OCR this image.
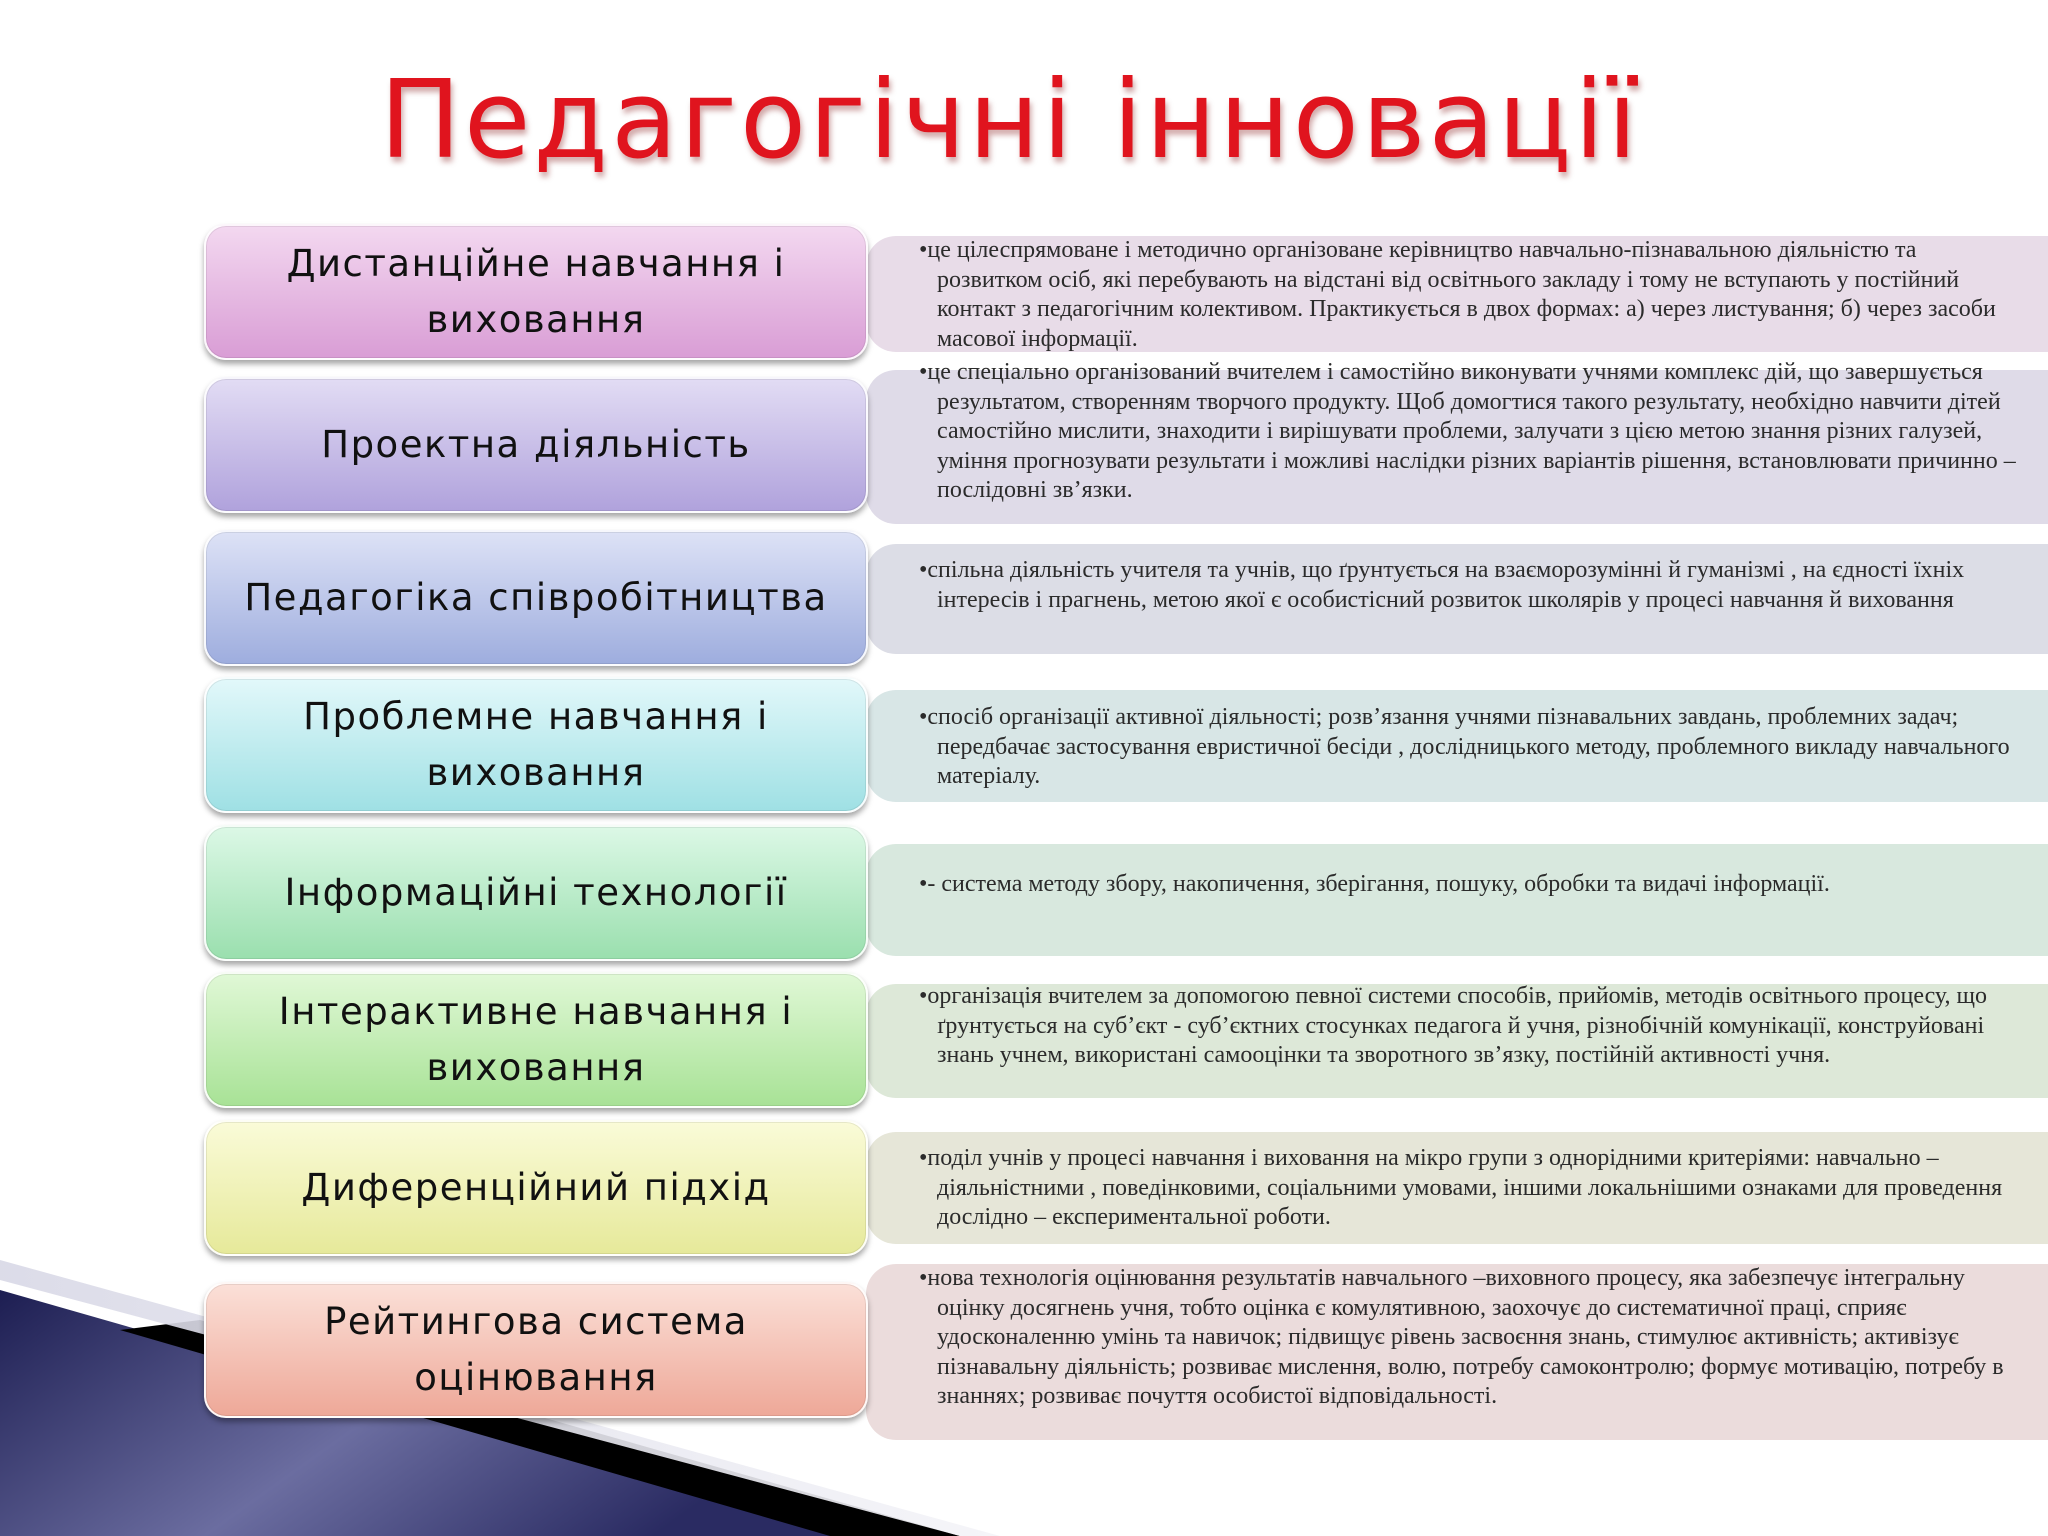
Педагогічні інновації

•це цілеспрямоване і методично організоване керівництво навчально-пізнавальною діяльністю та розвитком осіб, які перебувають на відстані від освітнього закладу і тому не вступають у постійний контакт з педагогічним колективом. Практикується в двох формах: а) через листування; б) через засоби масової інформації.

Дистанційне навчання і виховання

•це спеціально організований вчителем і самостійно виконувати учнями комплекс дій, що завершується результатом, створенням творчого продукту. Щоб домогтися такого результату, необхідно навчити дітей самостійно мислити, знаходити і вирішувати проблеми, залучати з цією метою знання різних галузей, уміння прогнозувати результати і можливі наслідки різних варіантів рішення, встановлювати причинно – послідовні зв’язки.

Проектна діяльність

•спільна діяльність учителя та учнів, що ґрунтується на взаєморозумінні й гуманізмі , на єдності їхніх інтересів і прагнень, метою якої є особистісний розвиток школярів у процесі навчання й виховання

Педагогіка співробітництва

•спосіб організації активної діяльності; розв’язання учнями пізнавальних завдань, проблемних задач; передбачає застосування евристичної бесіди , дослідницького методу, проблемного викладу навчального матеріалу.

Проблемне навчання і виховання

•- система методу збору, накопичення, зберігання, пошуку, обробки та видачі інформації.

Інформаційні технології

•організація вчителем за допомогою певної системи способів, прийомів, методів освітнього процесу, що ґрунтується на суб’єкт - суб’єктних стосунках педагога й учня, різнобічній комунікації, конструйовані знань учнем, використані самооцінки та зворотного зв’язку, постійній активності учня.

Інтерактивне навчання і виховання

•поділ учнів у процесі навчання і виховання на мікро групи з однорідними критеріями: навчально – діяльнiстними , поведінковими, соціальними умовами, іншими локальнішими ознаками для проведення дослідно – експериментальної роботи.

Диференційний підхід

•нова технологія оцінювання результатів навчального –виховного процесу, яка забезпечує інтегральну оцінку досягнень учня, тобто оцінка є комулятивною, заохочує до систематичної праці, сприяє удосконаленню умінь та навичок; підвищує рівень засвоєння знань, стимулює активність; активізує пізнавальну діяльність; розвиває мислення, волю, потребу самоконтролю; формує мотивацію, потребу в знаннях; розвиває почуття особистої відповідальності.

Рейтингова система оцінювання
